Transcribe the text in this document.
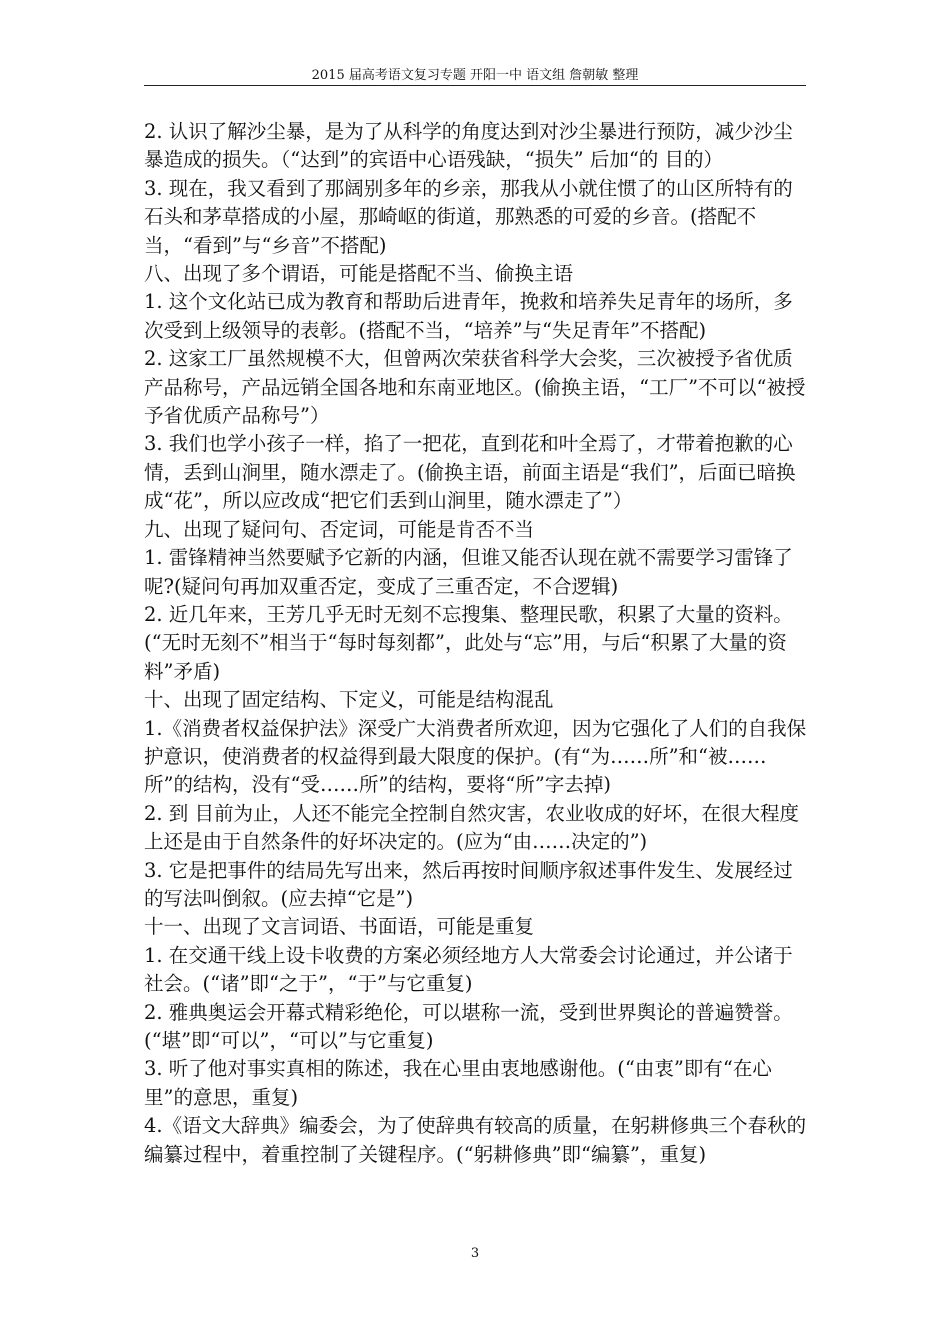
2015 届高考语文复习专题 开阳一中 语文组 詹朝敏 整理

2. 认识了解沙尘暴，是为了从科学的角度达到对沙尘暴进行预防，减少沙尘暴造成的损失。（“达到”的宾语中心语残缺，“损失” 后加“的 目的）

3. 现在，我又看到了那阔别多年的乡亲，那我从小就住惯了的山区所特有的石头和茅草搭成的小屋，那崎岖的街道，那熟悉的可爱的乡音。(搭配不当，“看到”与“乡音”不搭配)

八、出现了多个谓语，可能是搭配不当、偷换主语

1. 这个文化站已成为教育和帮助后进青年，挽救和培养失足青年的场所，多次受到上级领导的表彰。(搭配不当，“培养”与“失足青年”不搭配)

2. 这家工厂虽然规模不大，但曾两次荣获省科学大会奖，三次被授予省优质产品称号，产品远销全国各地和东南亚地区。(偷换主语，“工厂”不可以“被授予省优质产品称号”）

3. 我们也学小孩子一样，掐了一把花，直到花和叶全焉了，才带着抱歉的心情，丢到山涧里，随水漂走了。(偷换主语，前面主语是“我们”，后面已暗换成“花”，所以应改成“把它们丢到山涧里，随水漂走了”）

九、出现了疑问句、否定词，可能是肯否不当

1. 雷锋精神当然要赋予它新的内涵，但谁又能否认现在就不需要学习雷锋了呢?(疑问句再加双重否定，变成了三重否定，不合逻辑)

2. 近几年来，王芳几乎无时无刻不忘搜集、整理民歌，积累了大量的资料。(“无时无刻不”相当于“每时每刻都”，此处与“忘”用，与后“积累了大量的资料”矛盾)

十、出现了固定结构、下定义，可能是结构混乱

1.《消费者权益保护法》深受广大消费者所欢迎，因为它强化了人们的自我保护意识，使消费者的权益得到最大限度的保护。(有“为……所”和“被……所”的结构，没有“受……所”的结构，要将“所”字去掉)

2. 到 目前为止，人还不能完全控制自然灾害，农业收成的好坏，在很大程度上还是由于自然条件的好坏决定的。(应为“由……决定的”)

3. 它是把事件的结局先写出来，然后再按时间顺序叙述事件发生、发展经过的写法叫倒叙。(应去掉“它是”)

十一、出现了文言词语、书面语，可能是重复

1. 在交通干线上设卡收费的方案必须经地方人大常委会讨论通过，并公诸于社会。(“诸”即“之于”，“于”与它重复)

2. 雅典奥运会开幕式精彩绝伦，可以堪称一流，受到世界舆论的普遍赞誉。(“堪”即“可以”，“可以”与它重复)

3. 听了他对事实真相的陈述，我在心里由衷地感谢他。(“由衷”即有“在心里”的意思，重复)

4.《语文大辞典》编委会，为了使辞典有较高的质量，在躬耕修典三个春秋的编纂过程中，着重控制了关键程序。(“躬耕修典”即“编纂”，重复)

3
